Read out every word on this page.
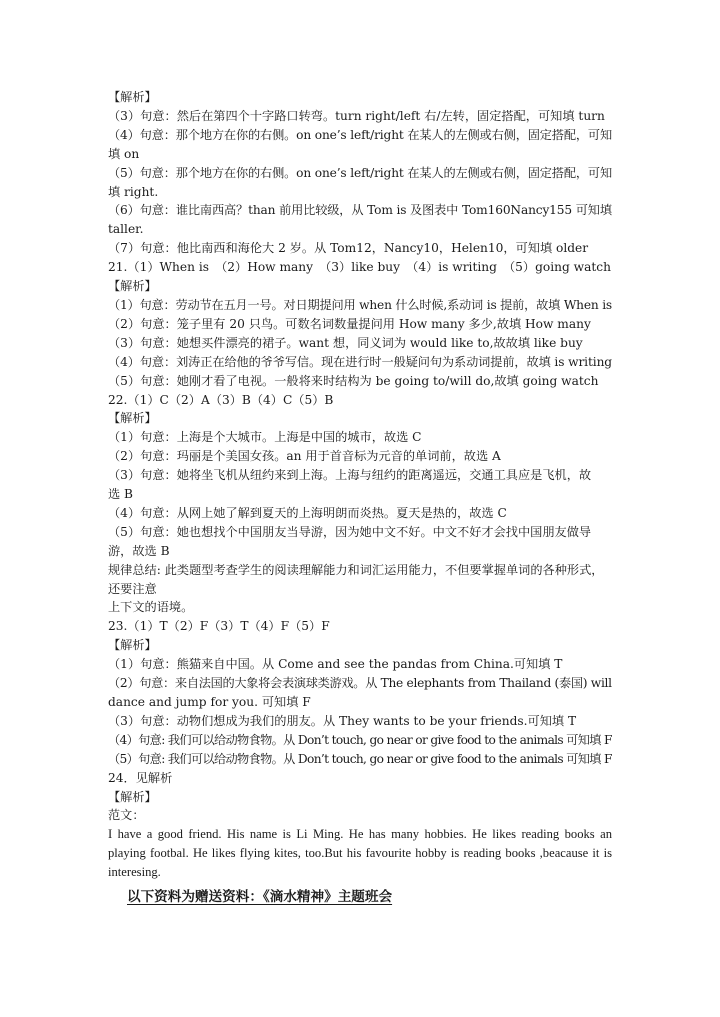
【解析】
（3）句意：然后在第四个十字路口转弯。turn right/left 右/左转，固定搭配，可知填 turn
（4）句意：那个地方在你的右侧。on one’s left/right 在某人的左侧或右侧，固定搭配，可知
填 on
（5）句意：那个地方在你的右侧。on one’s left/right 在某人的左侧或右侧，固定搭配，可知
填 right.
（6）句意：谁比南西高？than 前用比较级，从 Tom is 及图表中 Tom160Nancy155 可知填
taller.
（7）句意：他比南西和海伦大 2 岁。从 Tom12，Nancy10，Helen10，可知填 older
21.（1）When is　（2）How many　（3）like buy　（4）is writing　（5）going watch
【解析】
（1）句意：劳动节在五月一号。对日期提问用 when 什么时候,系动词 is 提前，故填 When is
（2）句意：笼子里有 20 只鸟。可数名词数量提问用 How many 多少,故填 How many
（3）句意：她想买件漂亮的裙子。want 想，同义词为 would like to,故故填 like buy
（4）句意：刘涛正在给他的爷爷写信。现在进行时一般疑问句为系动词提前，故填 is writing
（5）句意：她刚才看了电视。一般将来时结构为 be going to/will do,故填 going watch
22.（1）C（2）A（3）B（4）C（5）B
【解析】
（1）句意：上海是个大城市。上海是中国的城市，故选 C
（2）句意：玛丽是个美国女孩。an 用于首音标为元音的单词前，故选 A
（3）句意：她将坐飞机从纽约来到上海。上海与纽约的距离遥远，交通工具应是飞机，故
选 B
（4）句意：从网上她了解到夏天的上海明朗而炎热。夏天是热的，故选 C
（5）句意：她也想找个中国朋友当导游，因为她中文不好。中文不好才会找中国朋友做导
游，故选 B
规律总结: 此类题型考查学生的阅读理解能力和词汇运用能力，不但要掌握单词的各种形式，
还要注意
上下文的语境。
23.（1）T（2）F（3）T（4）F（5）F
【解析】
（1）句意：熊猫来自中国。从 Come and see the pandas from China.可知填 T
（2）句意：来自法国的大象将会表演球类游戏。从 The elephants from Thailand (泰国) will
dance and jump for you. 可知填 F
（3）句意：动物们想成为我们的朋友。从 They wants to be your friends.可知填 T
（4）句意: 我们可以给动物食物。从 Don’t touch, go near or give food to the animals 可知填 F
（5）句意: 我们可以给动物食物。从 Don’t touch, go near or give food to the animals 可知填 F
24．见解析
【解析】
范文：
I have a good friend. His name is Li Ming. He has many hobbies. He likes reading books an playing footbal. He likes flying kites, too.But his favourite hobby is reading books ,beacause it is interesing.
以下资料为赠送资料：《滴水精神》主题班会
